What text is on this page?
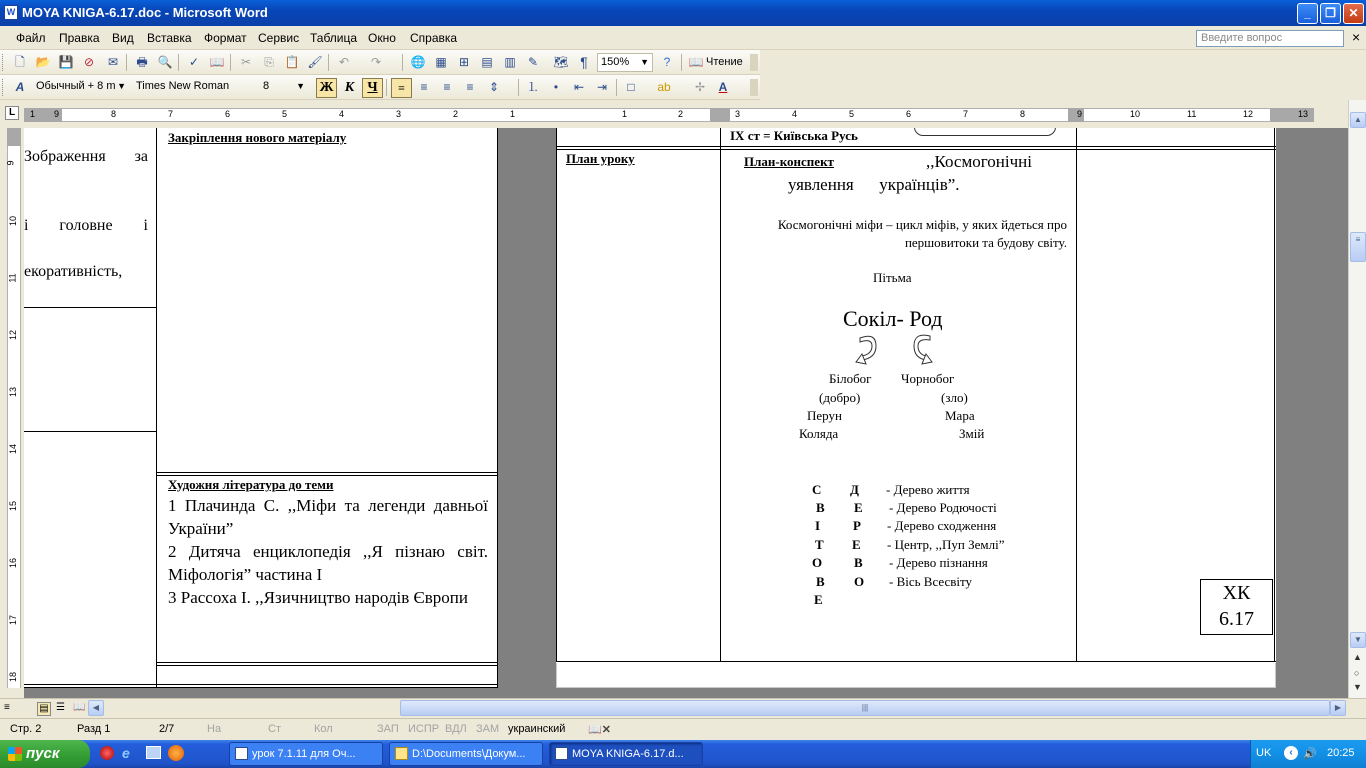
W MOYA KNIGA-6.17.doc - Microsoft Word	_	❐	✕
Файл Правка Вид Вставка Формат Сервис Таблица Окно Справка	Введите вопрос	×
🗋 📂 💾 ⊘ ✉ 🖶 🔍 ✓ 📖 ✂ ⎘ 📋 🖌 ↶ ↷ 🌐 ▦ ⊞ ▤ ▥ ✎ 🗺 ¶	150% ▼	?	📖 Чтение
A	Обычный + 8 m ▼ Times New Roman	8	▼ Ж К Ч	≡	≡	≡	≡	⇕ ⒈	•	⇤ ⇥	□	ab ✢	A
L	1 9	8	7	6	5	4	3	2	1	1	2	3	4	5	6	7	8	9	10	11	12	13
9
10
11
12
13
14
15
16
17
18
Зображення за
і головне і
екоративність,
Закріплення нового матеріалу
Художня література до теми
1 Плачинда С. ,,Міфи та легенди давньої України”
2 Дитяча енциклопедія ,,Я пізнаю світ. Міфологія” частина І
3 Рассоха І. ,,Язичництво народів Європи
ІХ ст = Київська Русь
План уроку	План-конспект	,,Космогонічні
уявлення      українців”.
Космогонічні міфи – цикл міфів, у яких йдеться про першовитоки та будову світу.
Пітьма
Сокіл- Род
Білобог Чорнобог
(добро)	(зло)
Перун	Мара
Коляда	Змій
С Д - Дерево життя
В Е - Дерево Родючості
І	Р - Дерево сходження
Т Е - Центр, ,,Пуп Землі”
О В - Дерево пізнання
В О - Вісь Всесвіту
Е	ХК
6.17
▲
≡
▼
▲
○
▼
≡	▤ ☰ 📖 ◀	|||	▶
Стр. 2	Разд 1	2/7	На	Ст	Кол	ЗАП ИСПР ВДЛ ЗАМ украинский 📖✕
пуск	e	урок 7.1.11 для Оч...	D:\Documents\Докум...	MOYA KNIGA-6.17.d...	UK	‹ 🔊 20:25
